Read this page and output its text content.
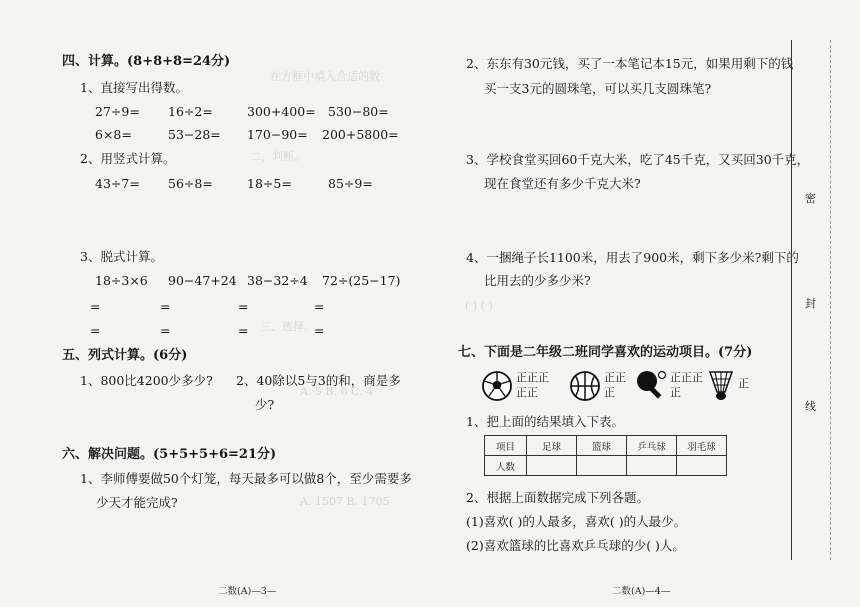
在方框中填入合适的数
二、判断。
三、选择。
A. 5 B. 6 C. 4
A. 1507 B. 1705
( ) ( )
四、计算。(8+8+8=24分)
1、直接写出得数。
27÷9= 16÷2=	300+400= 530−80=
6×8=	53−28= 170−90= 200+5800=
2、用竖式计算。
43÷7= 56÷8=	18÷5=	85÷9=
3、脱式计算。
18÷3×6 90−47+24 38−32÷4 72÷(25−17)
=	=	=	=
=	=	=	=
五、列式计算。(6分)
1、800比4200少多少? 2、40除以5与3的和，商是多
少?
六、解决问题。(5+5+5+6=21分)
1、李师傅要做50个灯笼，每天最多可以做8个，至少需要多
少天才能完成?
二数(A)—3—
2、东东有30元钱，买了一本笔记本15元，如果用剩下的钱
买一支3元的圆珠笔，可以买几支圆珠笔?
3、学校食堂买回60千克大米，吃了45千克，又买回30千克，
现在食堂还有多少千克大米?
4、一捆绳子长1100米，用去了900米，剩下多少米?剩下的
比用去的少多少米?
七、下面是二年级二班同学喜欢的运动项目。(7分)
正正正
正正
正正
正
正正正
正
正
1、把上面的结果填入下表。
项目	足球	篮球	乒乓球	羽毛球
人数				
2、根据上面数据完成下列各题。
(1)喜欢( )的人最多，喜欢( )的人最少。
(2)喜欢篮球的比喜欢乒乓球的少( )人。
二数(A)—4—
密
封
线
